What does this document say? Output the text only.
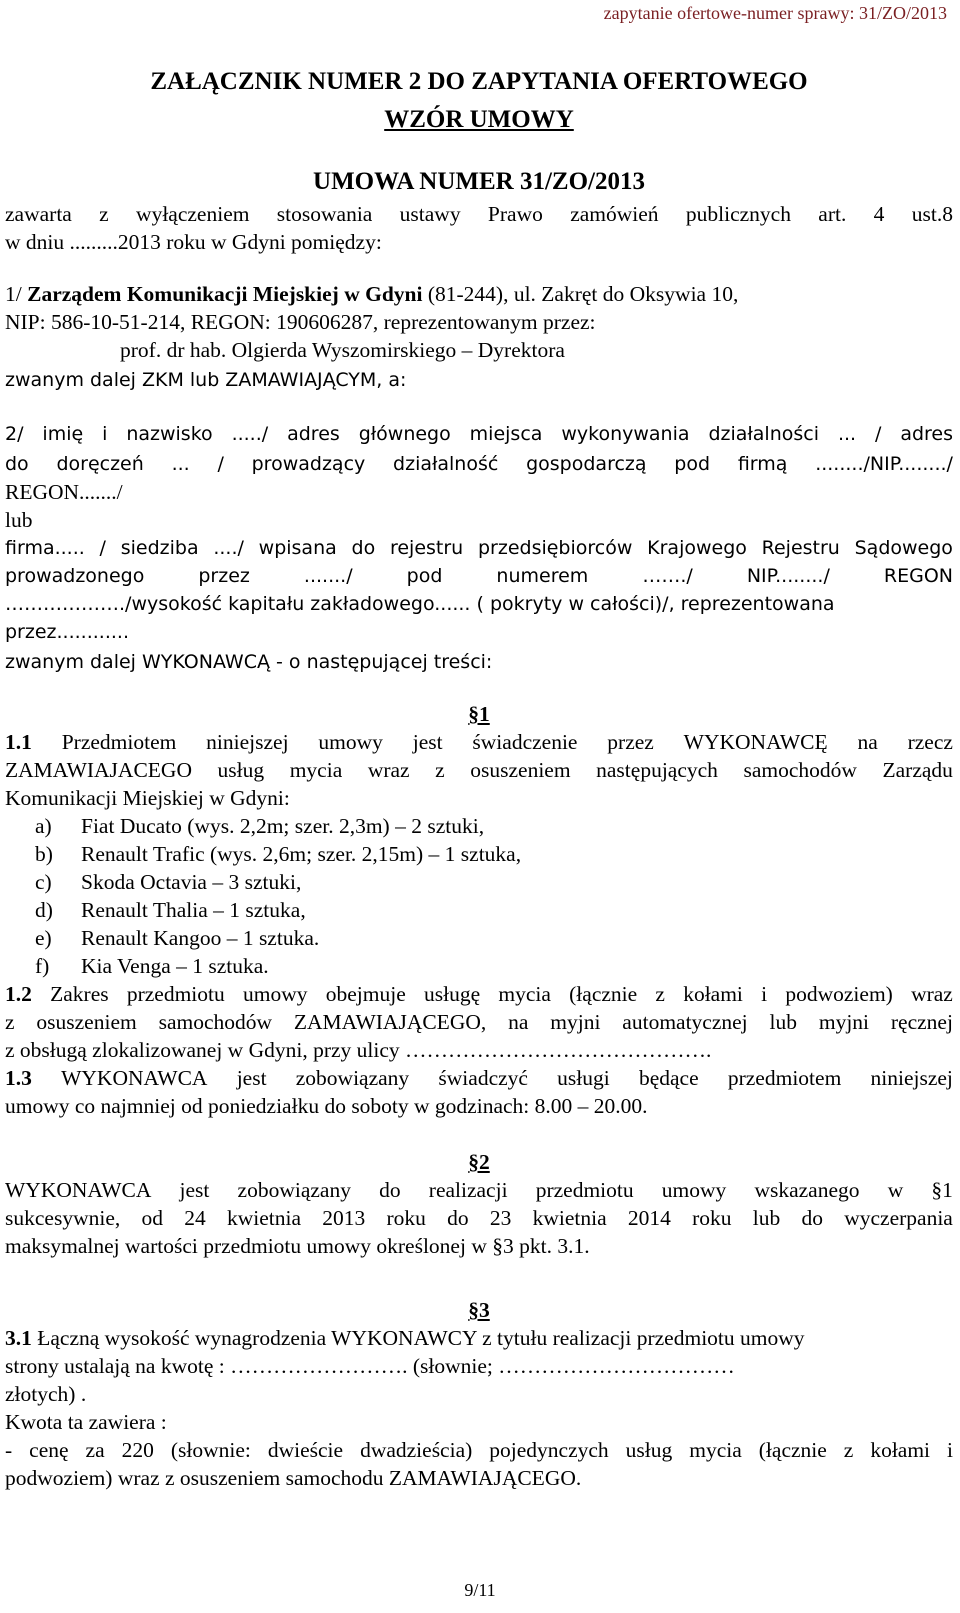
zapytanie ofertowe-numer sprawy: 31/ZO/2013
ZAŁĄCZNIK NUMER 2 DO ZAPYTANIA OFERTOWEGO
WZÓR UMOWY
UMOWA NUMER 31/ZO/2013
zawarta z wyłączeniem stosowania ustawy Prawo zamówień publicznych art. 4 ust.8
w dniu .........2013 roku w Gdyni pomiędzy:
1/ Zarządem Komunikacji Miejskiej w Gdyni (81-244), ul. Zakręt do Oksywia 10,
NIP: 586-10-51-214, REGON: 190606287, reprezentowanym przez:
prof. dr hab. Olgierda Wyszomirskiego – Dyrektora
zwanym dalej ZKM lub ZAMAWIAJĄCYM, a:
2/ imię i nazwisko ...../ adres głównego miejsca wykonywania działalności ... / adres
do doręczeń ... / prowadzący działalność gospodarczą pod firmą ......../NIP......../
REGON......./
lub
firma..... / siedziba ..../ wpisana do rejestru przedsiębiorców Krajowego Rejestru Sądowego
prowadzonego	przez	......./	pod	numerem	……./	NIP......../	REGON
………………./wysokość kapitału zakładowego...... ( pokryty w całości)/, reprezentowana
przez............
zwanym dalej WYKONAWCĄ - o następującej treści:
§1
1.1 Przedmiotem niniejszej umowy jest świadczenie przez WYKONAWCĘ na rzecz
ZAMAWIAJACEGO usług mycia wraz z osuszeniem następujących samochodów Zarządu
Komunikacji Miejskiej w Gdyni:
a) Fiat Ducato (wys. 2,2m; szer. 2,3m) – 2 sztuki,
b) Renault Trafic (wys. 2,6m; szer. 2,15m) – 1 sztuka,
c) Skoda Octavia – 3 sztuki,
d) Renault Thalia – 1 sztuka,
e) Renault Kangoo – 1 sztuka.
f) Kia Venga – 1 sztuka.
1.2 Zakres przedmiotu umowy obejmuje usługę mycia (łącznie z kołami i podwoziem) wraz
z osuszeniem samochodów ZAMAWIAJĄCEGO, na myjni automatycznej lub myjni ręcznej
z obsługą zlokalizowanej w Gdyni, przy ulicy …………………………………….
1.3 WYKONAWCA jest zobowiązany świadczyć usługi będące przedmiotem niniejszej
umowy co najmniej od poniedziałku do soboty w godzinach: 8.00 – 20.00.
§2
WYKONAWCA jest zobowiązany do realizacji przedmiotu umowy wskazanego w §1
sukcesywnie, od 24 kwietnia 2013 roku do 23 kwietnia 2014 roku lub do wyczerpania
maksymalnej wartości przedmiotu umowy określonej w §3 pkt. 3.1.
§3
3.1 Łączną wysokość wynagrodzenia WYKONAWCY z tytułu realizacji przedmiotu umowy
strony ustalają na kwotę : ……………………. (słownie; ……………………………
złotych) .
Kwota ta zawiera :
- cenę za 220 (słownie: dwieście dwadzieścia) pojedynczych usług mycia (łącznie z kołami i
podwoziem) wraz z osuszeniem samochodu ZAMAWIAJĄCEGO.
9/11
